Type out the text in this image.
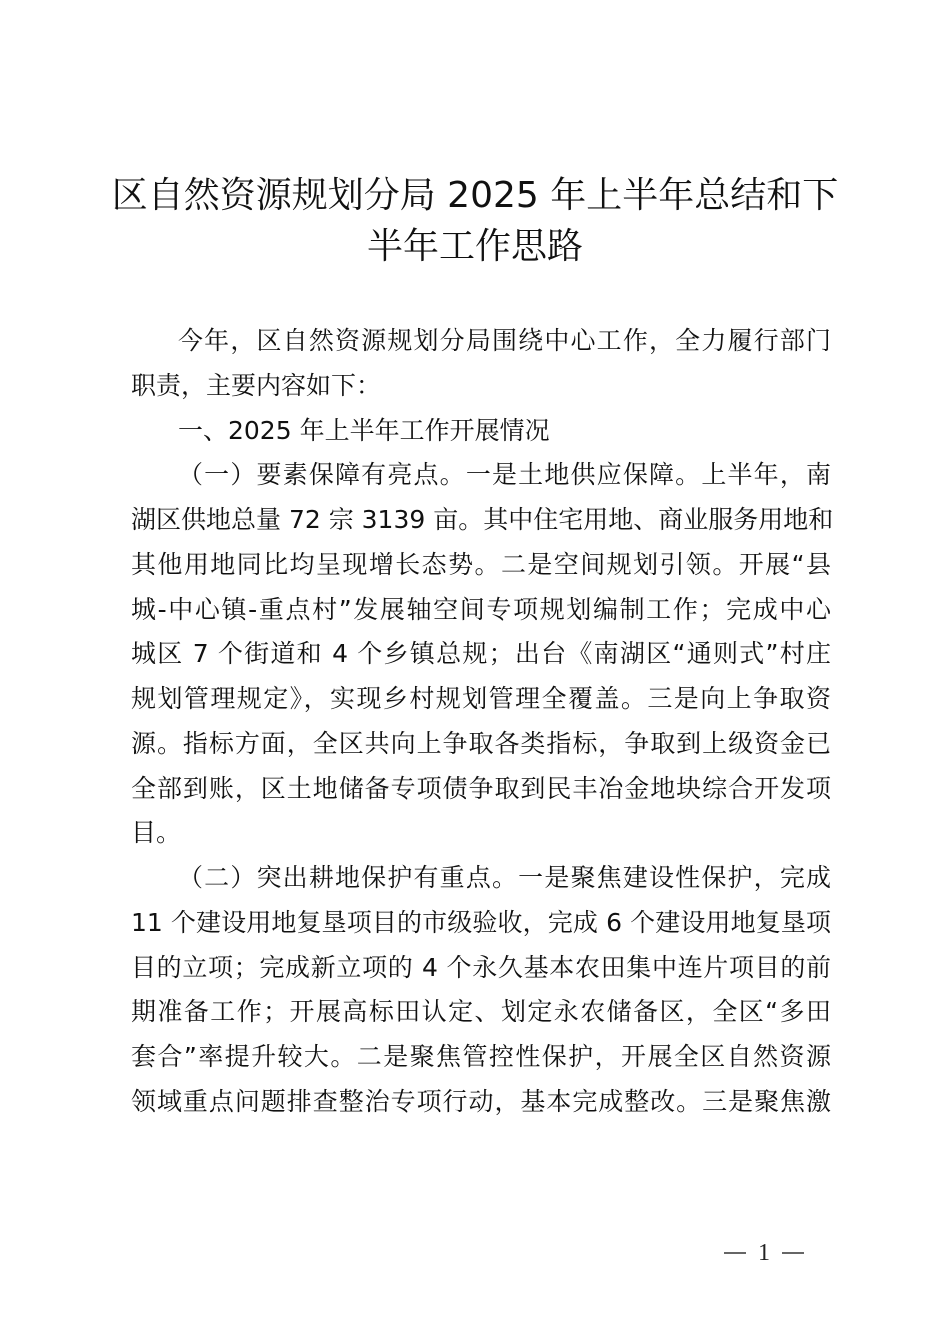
区自然资源规划分局 2025 年上半年总结和下
半年工作思路
今年，区自然资源规划分局围绕中心工作，全力履行部门
职责，主要内容如下：
一、2025 年上半年工作开展情况
（一）要素保障有亮点。一是土地供应保障。上半年，南
湖区供地总量 72 宗 3139 亩。其中住宅用地、商业服务用地和
其他用地同比均呈现增长态势。二是空间规划引领。开展“县
城-中心镇-重点村”发展轴空间专项规划编制工作；完成中心
城区 7 个街道和 4 个乡镇总规；出台《南湖区“通则式”村庄
规划管理规定》，实现乡村规划管理全覆盖。三是向上争取资
源。指标方面，全区共向上争取各类指标，争取到上级资金已
全部到账，区土地储备专项债争取到民丰冶金地块综合开发项
目。
（二）突出耕地保护有重点。一是聚焦建设性保护，完成
11 个建设用地复垦项目的市级验收，完成 6 个建设用地复垦项
目的立项；完成新立项的 4 个永久基本农田集中连片项目的前
期准备工作；开展高标田认定、划定永农储备区，全区“多田
套合”率提升较大。二是聚焦管控性保护，开展全区自然资源
领域重点问题排查整治专项行动，基本完成整改。三是聚焦激
1
